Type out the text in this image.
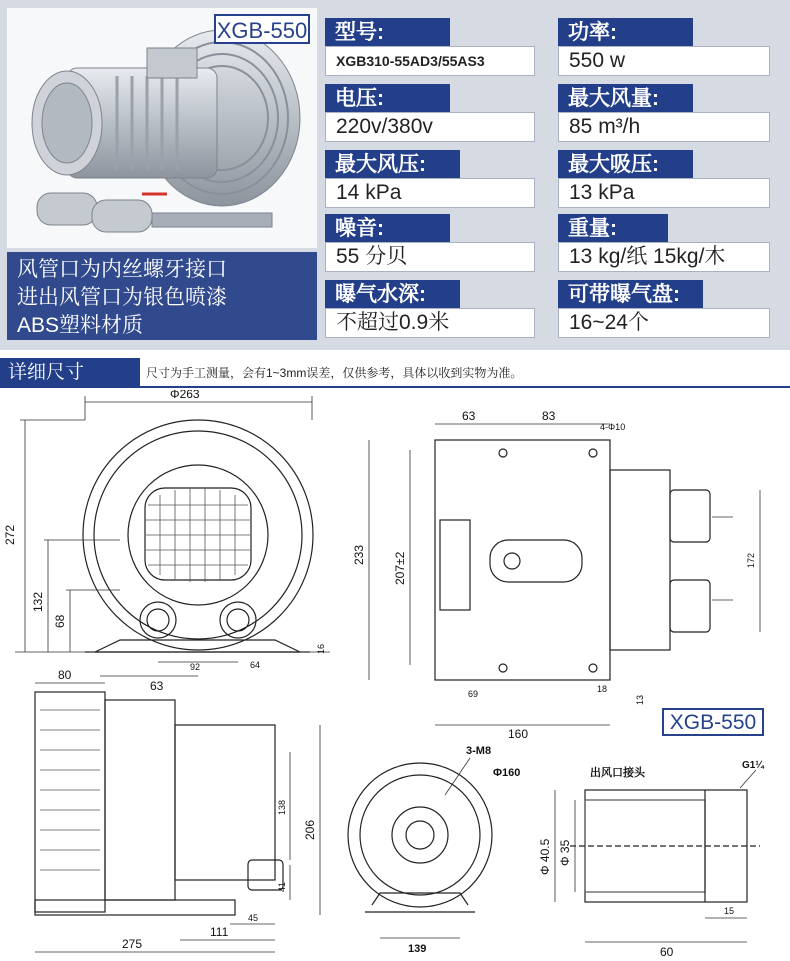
XGB-550
风管口为内丝螺牙接口
进出风管口为银色喷漆
ABS塑料材质
型号:
XGB310-55AD3/55AS3
功率:
550 w
电压:
220v/380v
最大风量:
85 m³/h
最大风压:
14 kPa
最大吸压:
13 kPa
噪音:
55 分贝
重量:
13 kg/纸 15kg/木
曝气水深:
不超过0.9米
可带曝气盘:
16~24个
详细尺寸	尺寸为手工测量，会有1~3mm误差，仅供参考，具体以收到实物为准。
Φ263
272
132
68
16
92
63
64
63	83
4-Φ10
233 207±2	172
69	18
13
160
80
206
138
41
45
111
275
3-M8
Φ160
139
出风口接头
G1¼
Φ 40.5 Φ 35
15
60
XGB-550
